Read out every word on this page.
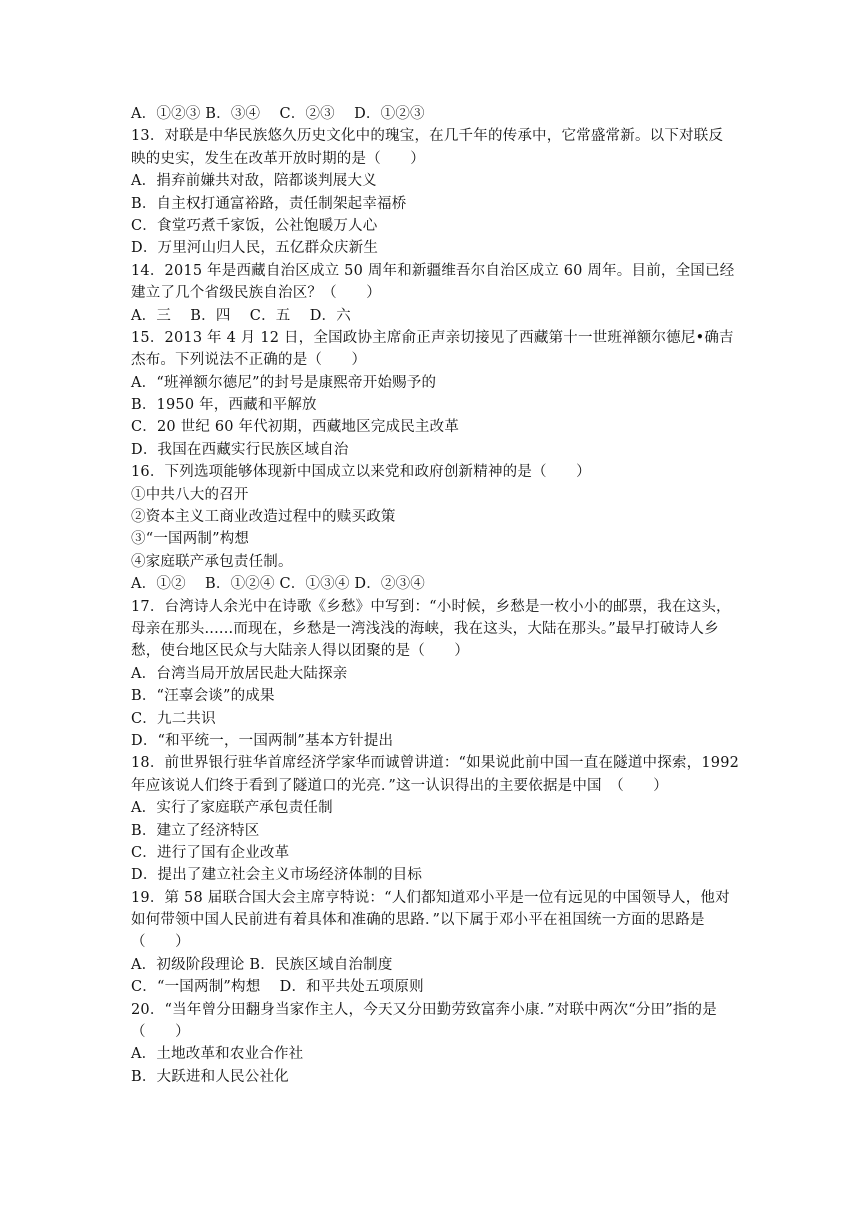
A．①②③ B．③④    C．②③    D．①②③
13．对联是中华民族悠久历史文化中的瑰宝，在几千年的传承中，它常盛常新。以下对联反
映的史实，发生在改革开放时期的是（　　）
A．捐弃前嫌共对敌，陪都谈判展大义
B．自主权打通富裕路，责任制架起幸福桥
C．食堂巧煮千家饭，公社饱暖万人心
D．万里河山归人民，五亿群众庆新生
14．2015 年是西藏自治区成立 50 周年和新疆维吾尔自治区成立 60 周年。目前，全国已经
建立了几个省级民族自治区？（　　）
A．三    B．四    C．五    D．六
15．2013 年 4 月 12 日，全国政协主席俞正声亲切接见了西藏第十一世班禅额尔德尼•确吉
杰布。下列说法不正确的是（　　）
A．“班禅额尔德尼”的封号是康熙帝开始赐予的
B．1950 年，西藏和平解放
C．20 世纪 60 年代初期，西藏地区完成民主改革
D．我国在西藏实行民族区域自治
16．下列选项能够体现新中国成立以来党和政府创新精神的是（　　）
①中共八大的召开
②资本主义工商业改造过程中的赎买政策
③“一国两制”构想
④家庭联产承包责任制。
A．①②    B．①②④ C．①③④ D．②③④
17．台湾诗人余光中在诗歌《乡愁》中写到：“小时候，乡愁是一枚小小的邮票，我在这头，
母亲在那头......而现在，乡愁是一湾浅浅的海峡，我在这头，大陆在那头。”最早打破诗人乡
愁，使台地区民众与大陆亲人得以团聚的是（　　）
A．台湾当局开放居民赴大陆探亲
B．“汪辜会谈”的成果
C．九二共识
D．“和平统一，一国两制”基本方针提出
18．前世界银行驻华首席经济学家华而诚曾讲道：“如果说此前中国一直在隧道中探索，1992
年应该说人们终于看到了隧道口的光亮．”这一认识得出的主要依据是中国　（　　）
A．实行了家庭联产承包责任制
B．建立了经济特区
C．进行了国有企业改革
D．提出了建立社会主义市场经济体制的目标
19．第 58 届联合国大会主席亨特说：“人们都知道邓小平是一位有远见的中国领导人，他对
如何带领中国人民前进有着具体和准确的思路．”以下属于邓小平在祖国统一方面的思路是
（　　）
A．初级阶段理论 B．民族区域自治制度
C．“一国两制”构想    D．和平共处五项原则
20．“当年曾分田翻身当家作主人，今天又分田勤劳致富奔小康．”对联中两次“分田”指的是
（　　）
A．土地改革和农业合作社
B．大跃进和人民公社化
